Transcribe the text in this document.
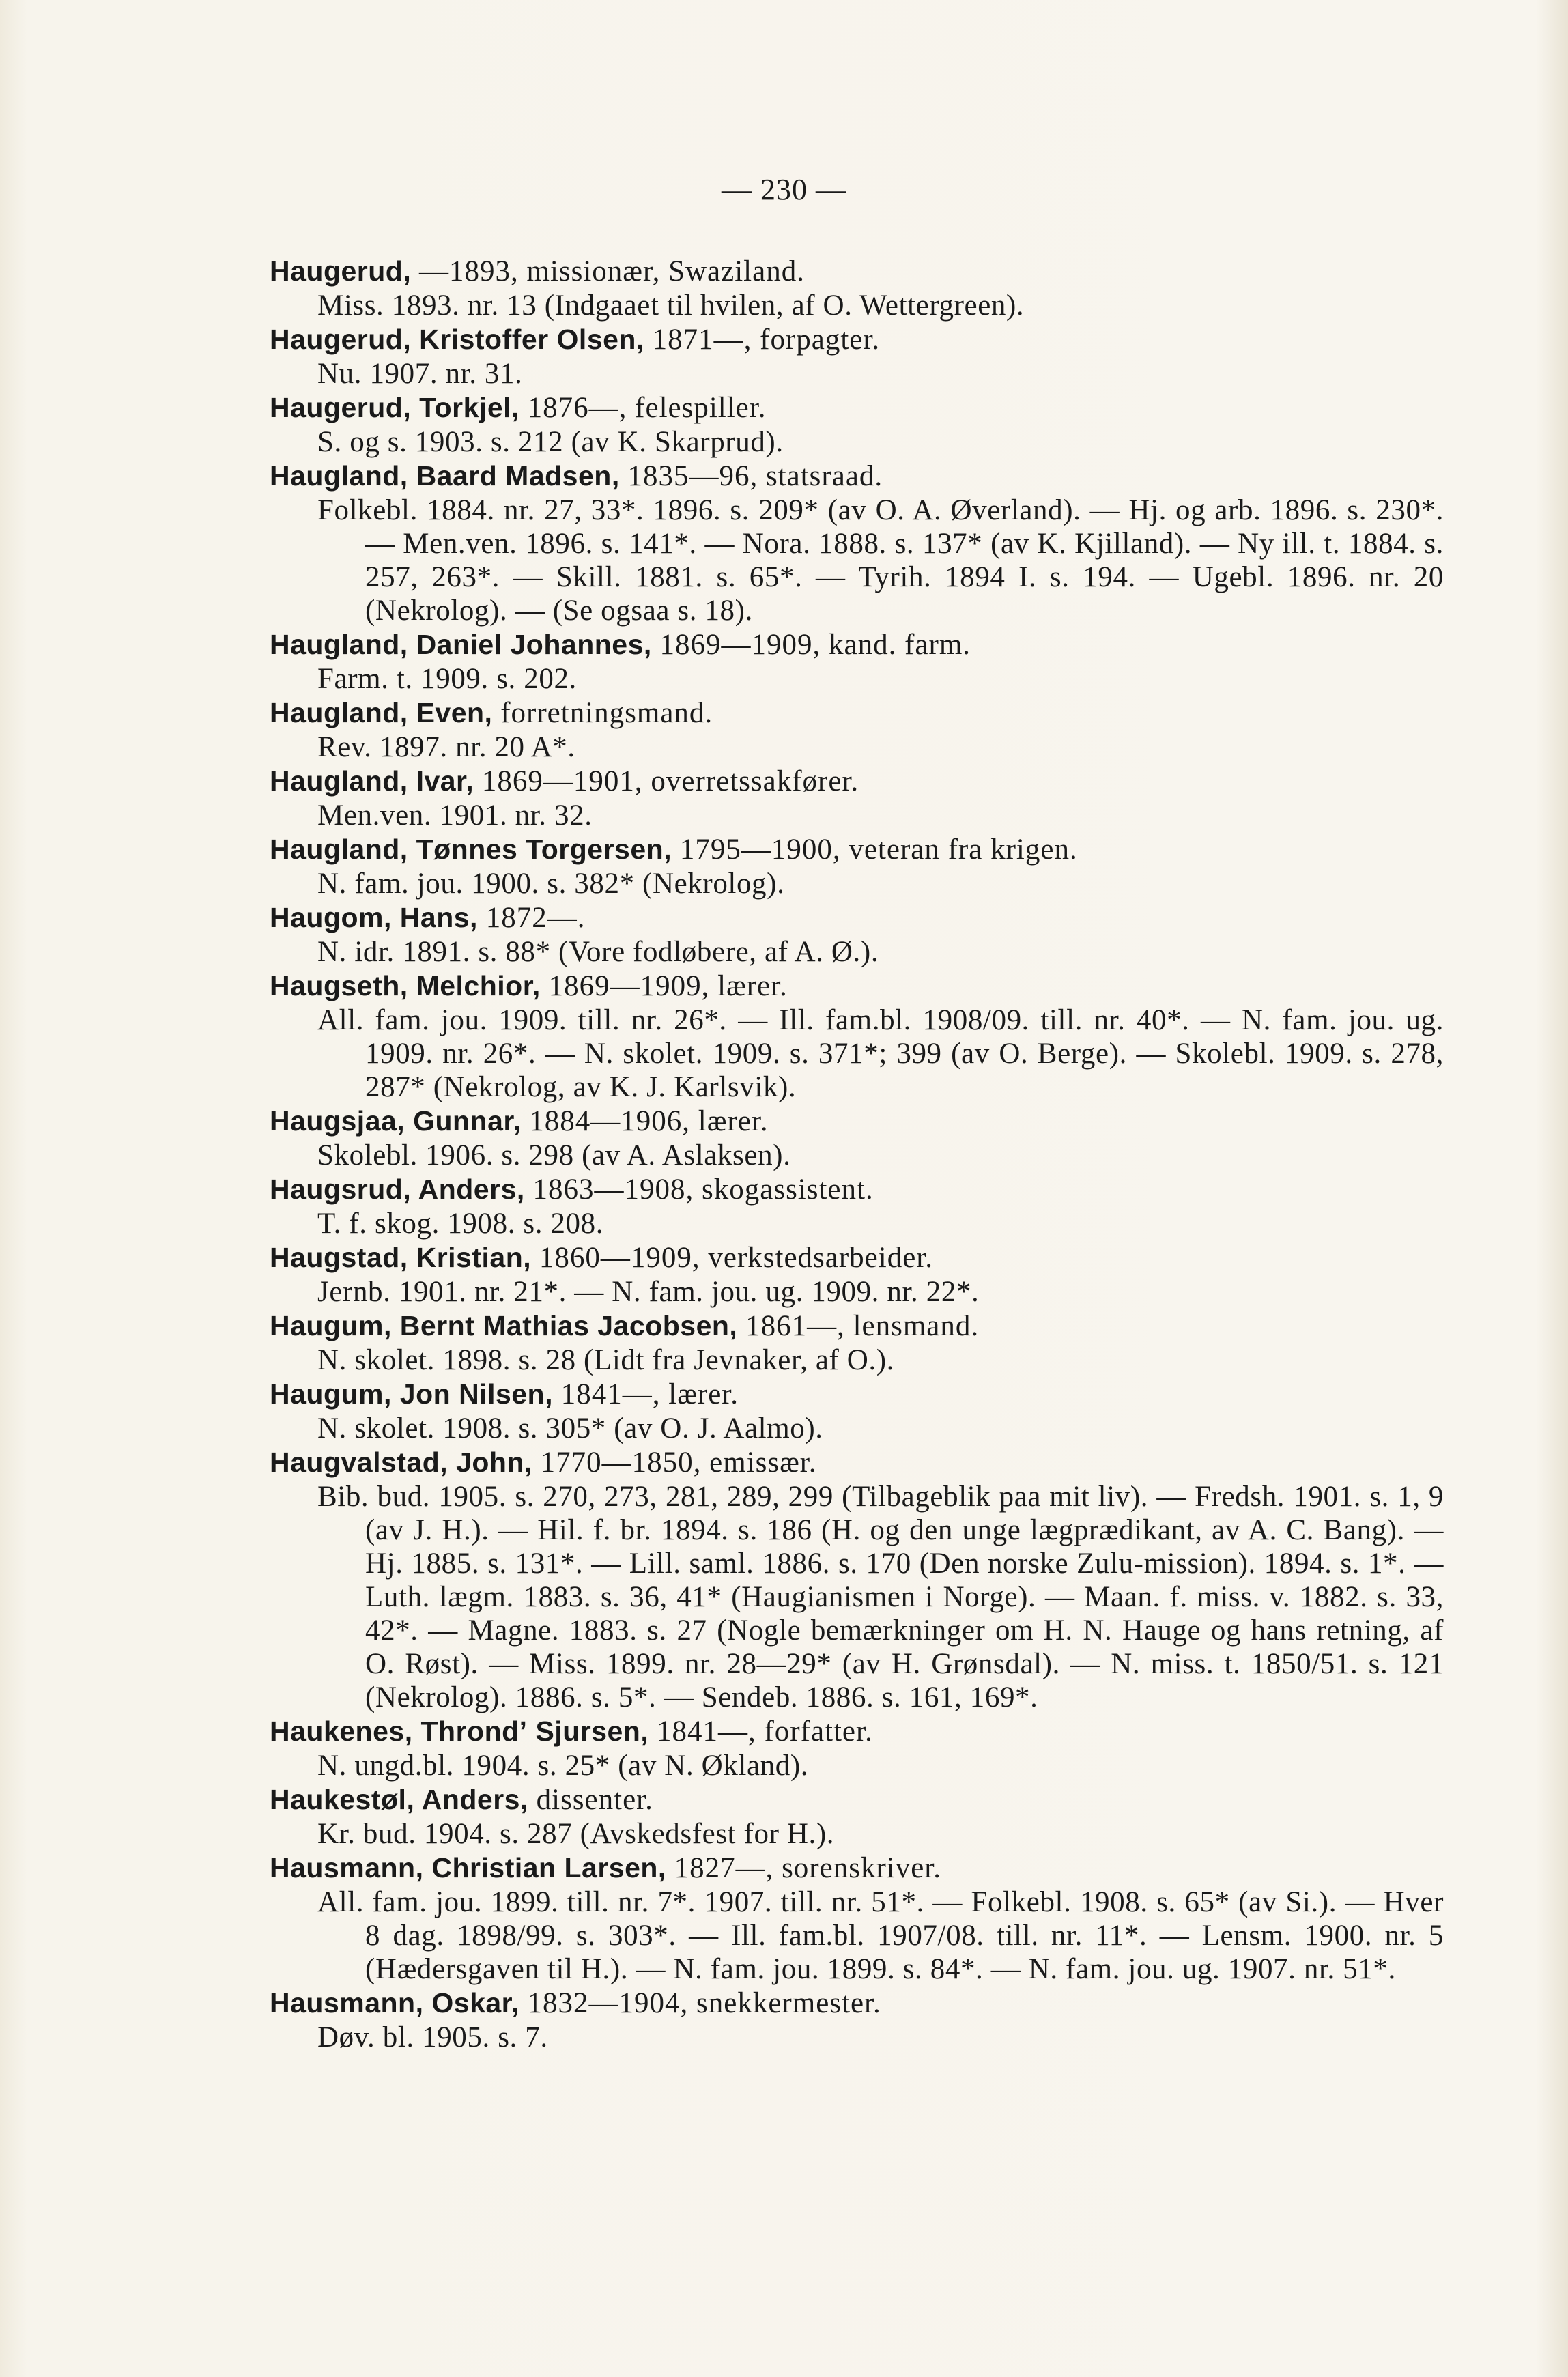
— 230 —
Haugerud, —1893, missionær, Swaziland.
Miss. 1893. nr. 13 (Indgaaet til hvilen, af O. Wettergreen).
Haugerud, Kristoffer Olsen, 1871—, forpagter.
Nu. 1907. nr. 31.
Haugerud, Torkjel, 1876—, felespiller.
S. og s. 1903. s. 212 (av K. Skarprud).
Haugland, Baard Madsen, 1835—96, statsraad.
Folkebl. 1884. nr. 27, 33*. 1896. s. 209* (av O. A. Øverland). — Hj. og arb. 1896. s. 230*. — Men.ven. 1896. s. 141*. — Nora. 1888. s. 137* (av K. Kjilland). — Ny ill. t. 1884. s. 257, 263*. — Skill. 1881. s. 65*. — Tyrih. 1894 I. s. 194. — Ugebl. 1896. nr. 20 (Nekrolog). — (Se ogsaa s. 18).
Haugland, Daniel Johannes, 1869—1909, kand. farm.
Farm. t. 1909. s. 202.
Haugland, Even, forretningsmand.
Rev. 1897. nr. 20 A*.
Haugland, Ivar, 1869—1901, overretssakfører.
Men.ven. 1901. nr. 32.
Haugland, Tønnes Torgersen, 1795—1900, veteran fra krigen.
N. fam. jou. 1900. s. 382* (Nekrolog).
Haugom, Hans, 1872—.
N. idr. 1891. s. 88* (Vore fodløbere, af A. Ø.).
Haugseth, Melchior, 1869—1909, lærer.
All. fam. jou. 1909. till. nr. 26*. — Ill. fam.bl. 1908/09. till. nr. 40*. — N. fam. jou. ug. 1909. nr. 26*. — N. skolet. 1909. s. 371*; 399 (av O. Berge). — Skolebl. 1909. s. 278, 287* (Nekrolog, av K. J. Karlsvik).
Haugsjaa, Gunnar, 1884—1906, lærer.
Skolebl. 1906. s. 298 (av A. Aslaksen).
Haugsrud, Anders, 1863—1908, skogassistent.
T. f. skog. 1908. s. 208.
Haugstad, Kristian, 1860—1909, verkstedsarbeider.
Jernb. 1901. nr. 21*. — N. fam. jou. ug. 1909. nr. 22*.
Haugum, Bernt Mathias Jacobsen, 1861—, lensmand.
N. skolet. 1898. s. 28 (Lidt fra Jevnaker, af O.).
Haugum, Jon Nilsen, 1841—, lærer.
N. skolet. 1908. s. 305* (av O. J. Aalmo).
Haugvalstad, John, 1770—1850, emissær.
Bib. bud. 1905. s. 270, 273, 281, 289, 299 (Tilbageblik paa mit liv). — Fredsh. 1901. s. 1, 9 (av J. H.). — Hil. f. br. 1894. s. 186 (H. og den unge lægprædikant, av A. C. Bang). — Hj. 1885. s. 131*. — Lill. saml. 1886. s. 170 (Den norske Zulu-mission). 1894. s. 1*. — Luth. lægm. 1883. s. 36, 41* (Haugianismen i Norge). — Maan. f. miss. v. 1882. s. 33, 42*. — Magne. 1883. s. 27 (Nogle bemærkninger om H. N. Hauge og hans retning, af O. Røst). — Miss. 1899. nr. 28—29* (av H. Grønsdal). — N. miss. t. 1850/51. s. 121 (Nekrolog). 1886. s. 5*. — Sendeb. 1886. s. 161, 169*.
Haukenes, Throndʼ Sjursen, 1841—, forfatter.
N. ungd.bl. 1904. s. 25* (av N. Økland).
Haukestøl, Anders, dissenter.
Kr. bud. 1904. s. 287 (Avskedsfest for H.).
Hausmann, Christian Larsen, 1827—, sorenskriver.
All. fam. jou. 1899. till. nr. 7*. 1907. till. nr. 51*. — Folkebl. 1908. s. 65* (av Si.). — Hver 8 dag. 1898/99. s. 303*. — Ill. fam.bl. 1907/08. till. nr. 11*. — Lensm. 1900. nr. 5 (Hædersgaven til H.). — N. fam. jou. 1899. s. 84*. — N. fam. jou. ug. 1907. nr. 51*.
Hausmann, Oskar, 1832—1904, snekkermester.
Døv. bl. 1905. s. 7.
